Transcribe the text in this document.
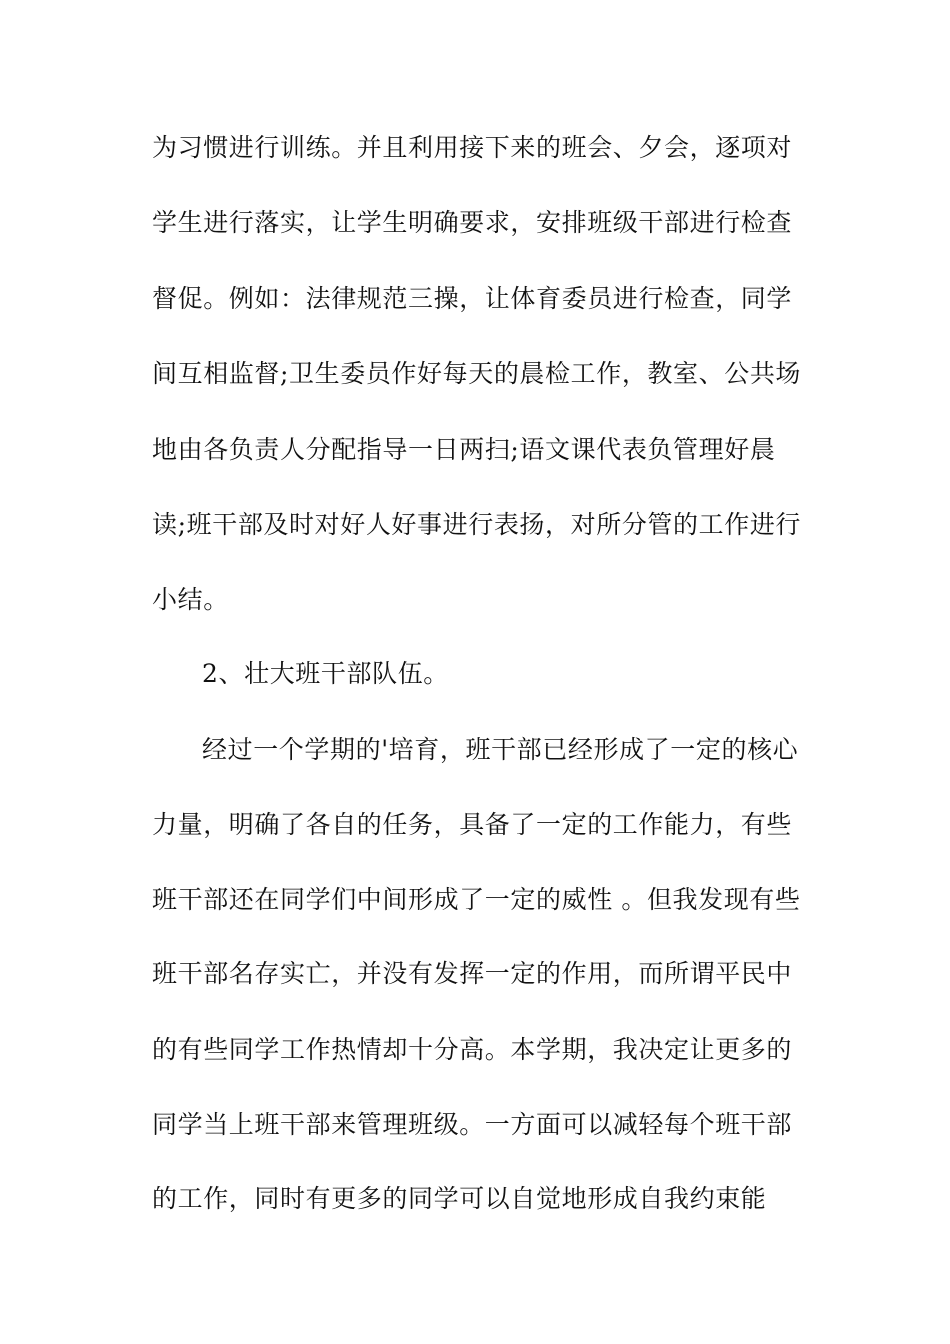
为习惯进行训练。并且利用接下来的班会、夕会，逐项对
学生进行落实，让学生明确要求，安排班级干部进行检查
督促。例如：法律规范三操，让体育委员进行检查，同学
间互相监督;卫生委员作好每天的晨检工作，教室、公共场
地由各负责人分配指导一日两扫;语文课代表负管理好晨
读;班干部及时对好人好事进行表扬，对所分管的工作进行
小结。
2、壮大班干部队伍。
经过一个学期的'培育，班干部已经形成了一定的核心
力量，明确了各自的任务，具备了一定的工作能力，有些
班干部还在同学们中间形成了一定的威性 。但我发现有些
班干部名存实亡，并没有发挥一定的作用，而所谓平民中
的有些同学工作热情却十分高。本学期，我决定让更多的
同学当上班干部来管理班级。一方面可以减轻每个班干部
的工作，同时有更多的同学可以自觉地形成自我约束能
